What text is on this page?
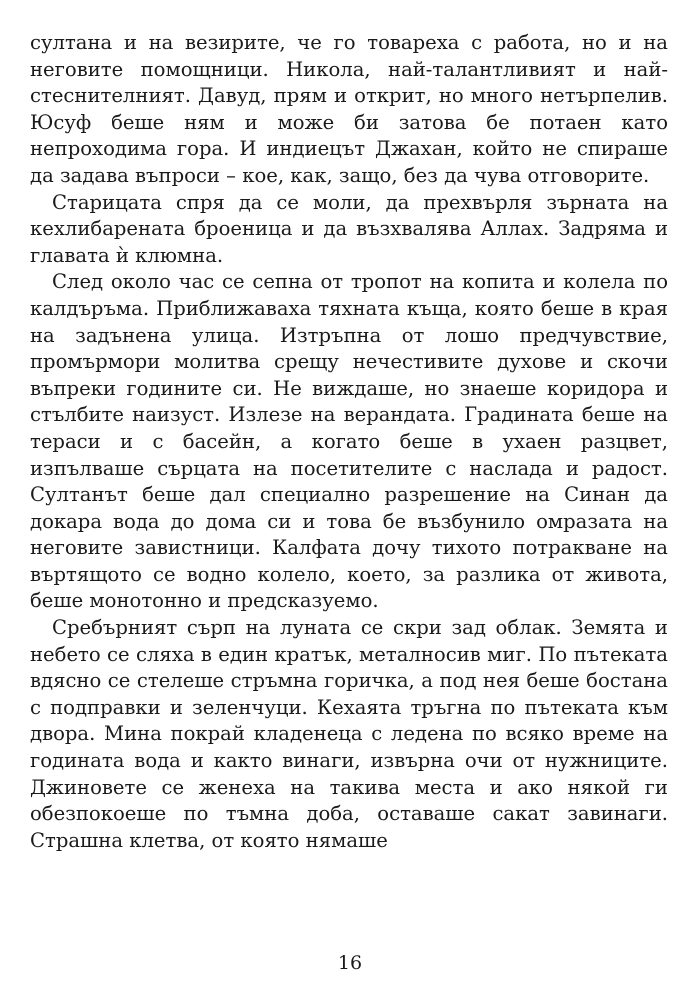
султана и на везирите, че го товареха с работа, но и на неговите помощници. Никола, най-талантливият и най-стеснителният. Давуд, прям и открит, но много нетърпелив. Юсуф беше ням и може би затова бе потаен като непроходима гора. И индиецът Джахан, който не спираше да задава въпроси – кое, как, защо, без да чува отговорите.

Старицата спря да се моли, да прехвърля зърната на кехлибарената броеница и да възхвалява Аллах. Задряма и главата ѝ клюмна.

След около час се сепна от тропот на копита и колела по калдъръма. Приближаваха тяхната къща, която беше в края на задънена улица. Изтръпна от лошо предчувствие, промърмори молитва срещу нечестивите духове и скочи въпреки годините си. Не виждаше, но знаеше коридора и стълбите наизуст. Излезе на верандата. Градината беше на тераси и с басейн, а когато беше в ухаен разцвет, изпълваше сърцата на посетителите с наслада и радост. Султанът беше дал специално разрешение на Синан да докара вода до дома си и това бе възбунило омразата на неговите завистници. Калфата дочу тихото потракване на въртящото се водно колело, което, за разлика от живота, беше монотонно и предсказуемо.

Сребърният сърп на луната се скри зад облак. Земята и небето се сляха в един кратък, металносив миг. По пътеката вдясно се стелеше стръмна горичка, а под нея беше бостана с подправки и зеленчуци. Кехаята тръгна по пътеката към двора. Мина покрай кладенеца с ледена по всяко време на годината вода и както винаги, извърна очи от нужниците. Джиновете се женеха на такива места и ако някой ги обезпокоеше по тъмна доба, оставаше сакат завинаги. Страшна клетва, от която нямаше

16
